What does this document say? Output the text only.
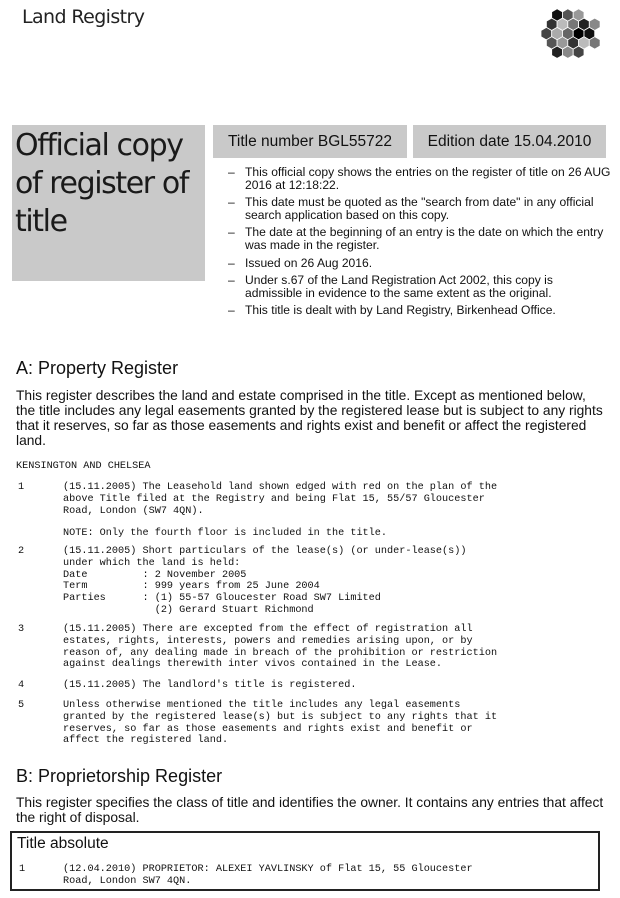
Land Registry
Official copy of register of title
Title number BGL55722	Edition date 15.04.2010
– This official copy shows the entries on the register of title on 26 AUG 2016 at 12:18:22.
– This date must be quoted as the "search from date" in any official search application based on this copy.
– The date at the beginning of an entry is the date on which the entry was made in the register.
– Issued on 26 Aug 2016.
– Under s.67 of the Land Registration Act 2002, this copy is admissible in evidence to the same extent as the original.
– This title is dealt with by Land Registry, Birkenhead Office.
A: Property Register

This register describes the land and estate comprised in the title. Except as mentioned below, the title includes any legal easements granted by the registered lease but is subject to any rights that it reserves, so far as those easements and rights exist and benefit or affect the registered land.

KENSINGTON AND CHELSEA
1	(15.11.2005) The Leasehold land shown edged with red on the plan of the
above Title filed at the Registry and being Flat 15, 55/57 Gloucester
Road, London (SW7 4QN).
NOTE: Only the fourth floor is included in the title.
2	(15.11.2005) Short particulars of the lease(s) (or under-lease(s))
under which the land is held:
Date         : 2 November 2005
Term         : 999 years from 25 June 2004
Parties      : (1) 55-57 Gloucester Road SW7 Limited
(2) Gerard Stuart Richmond
3	(15.11.2005) There are excepted from the effect of registration all
estates, rights, interests, powers and remedies arising upon, or by
reason of, any dealing made in breach of the prohibition or restriction
against dealings therewith inter vivos contained in the Lease.
4	(15.11.2005) The landlord's title is registered.
5	Unless otherwise mentioned the title includes any legal easements
granted by the registered lease(s) but is subject to any rights that it
reserves, so far as those easements and rights exist and benefit or
affect the registered land.
B: Proprietorship Register

This register specifies the class of title and identifies the owner. It contains any entries that affect the right of disposal.

Title absolute
1	(12.04.2010) PROPRIETOR: ALEXEI YAVLINSKY of Flat 15, 55 Gloucester
Road, London SW7 4QN.
